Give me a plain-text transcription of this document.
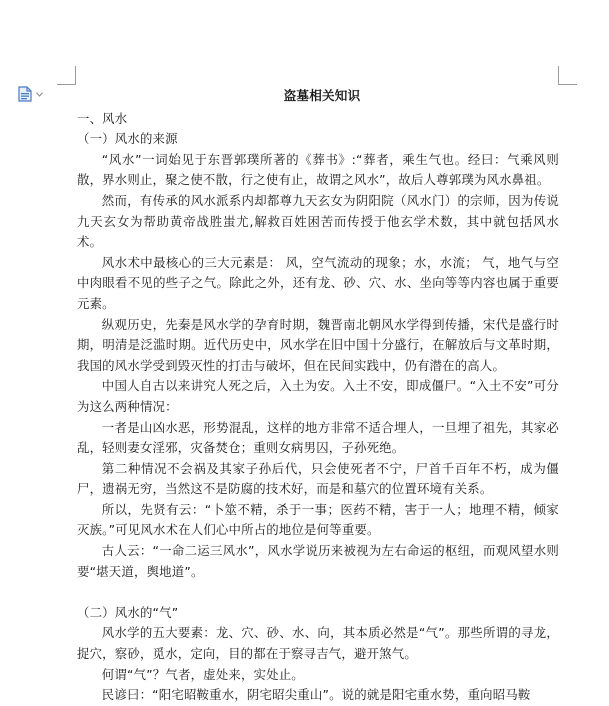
盗墓相关知识
一、风水
（一）风水的来源

“风水”一词始见于东晋郭璞所著的《葬书》:“葬者，乘生气也。经曰：气乘风则散，界水则止，聚之使不散，行之使有止，故谓之风水”，故后人尊郭璞为风水鼻祖。

然而，有传承的风水派系内却都尊九天玄女为阴阳院（风水门）的宗师，因为传说九天玄女为帮助黄帝战胜蚩尤,解救百姓困苦而传授于他玄学术数，其中就包括风水术。

风水术中最核心的三大元素是： 风，空气流动的现象；水，水流； 气，地气与空中肉眼看不见的些子之气。除此之外，还有龙、砂、穴、水、坐向等等内容也属于重要元素。

纵观历史，先秦是风水学的孕育时期，魏晋南北朝风水学得到传播，宋代是盛行时期，明清是泛滥时期。近代历史中，风水学在旧中国十分盛行，在解放后与文革时期，我国的风水学受到毁灭性的打击与破坏，但在民间实践中，仍有潜在的高人。

中国人自古以来讲究人死之后，入土为安。入土不安，即成僵尸。“入土不安”可分为这么两种情况：

一者是山凶水恶，形势混乱，这样的地方非常不适合埋人，一旦埋了祖先，其家必乱，轻则妻女淫邪，灾备焚仓；重则女病男囚，子孙死绝。

第二种情况不会祸及其家子孙后代，只会使死者不宁，尸首千百年不朽，成为僵尸，遗祸无穷，当然这不是防腐的技术好，而是和墓穴的位置环境有关系。

所以，先贤有云：“卜筮不精，杀于一事；医药不精，害于一人；地理不精，倾家灭族。”可见风水术在人们心中所占的地位是何等重要。

古人云：“一命二运三风水”，风水学说历来被视为左右命运的枢纽，而观风望水则要“堪天道，舆地道”。

（二）风水的“气”

风水学的五大要素：龙、穴、砂、水、向，其本质必然是“气”。那些所谓的寻龙，捉穴，察砂，觅水，定向，目的都在于察寻吉气，避开煞气。

何谓“气”？气者，虚处来，实处止。

民谚曰：“阳宅昭鞍重水，阴宅昭尖重山”。说的就是阳宅重水势，重向昭马鞍
